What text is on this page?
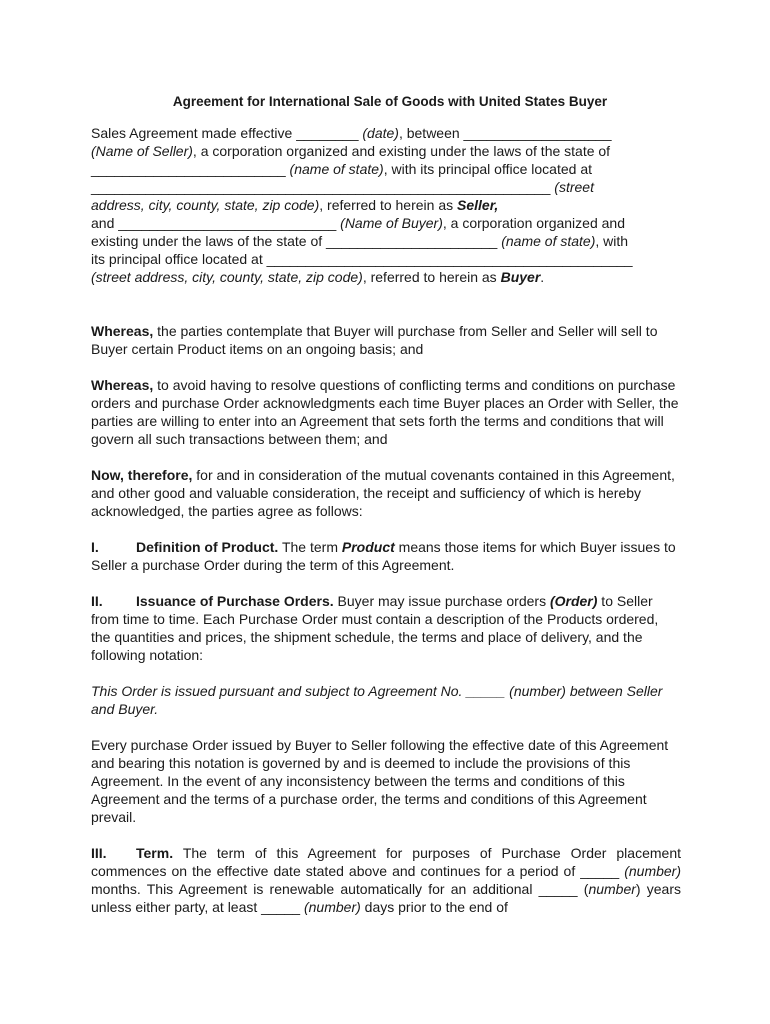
Agreement for International Sale of Goods with United States Buyer

Sales Agreement made effective ________ (date), between ___________________
(Name of Seller), a corporation organized and existing under the laws of the state of
_________________________ (name of state), with its principal office located at
___________________________________________________________ (street
address, city, county, state, zip code), referred to herein as Seller,
and ____________________________ (Name of Buyer), a corporation organized and
existing under the laws of the state of ______________________ (name of state), with
its principal office located at _______________________________________________
(street address, city, county, state, zip code), referred to herein as Buyer.

Whereas, the parties contemplate that Buyer will purchase from Seller and Seller will sell to Buyer certain Product items on an ongoing basis; and

Whereas, to avoid having to resolve questions of conflicting terms and conditions on purchase orders and purchase Order acknowledgments each time Buyer places an Order with Seller, the parties are willing to enter into an Agreement that sets forth the terms and conditions that will govern all such transactions between them; and

Now, therefore, for and in consideration of the mutual covenants contained in this Agreement, and other good and valuable consideration, the receipt and sufficiency of which is hereby acknowledged, the parties agree as follows:

I.	Definition of Product. The term Product means those items for which Buyer issues to Seller a purchase Order during the term of this Agreement.

II. Issuance of Purchase Orders. Buyer may issue purchase orders (Order) to Seller from time to time. Each Purchase Order must contain a description of the Products ordered, the quantities and prices, the shipment schedule, the terms and place of delivery, and the following notation:

This Order is issued pursuant and subject to Agreement No. _____ (number) between Seller and Buyer.

Every purchase Order issued by Buyer to Seller following the effective date of this Agreement and bearing this notation is governed by and is deemed to include the provisions of this Agreement. In the event of any inconsistency between the terms and conditions of this Agreement and the terms of a purchase order, the terms and conditions of this Agreement prevail.

III. Term. The term of this Agreement for purposes of Purchase Order placement commences on the effective date stated above and continues for a period of _____ (number) months. This Agreement is renewable automatically for an additional _____ (number) years unless either party, at least _____ (number) days prior to the end of
